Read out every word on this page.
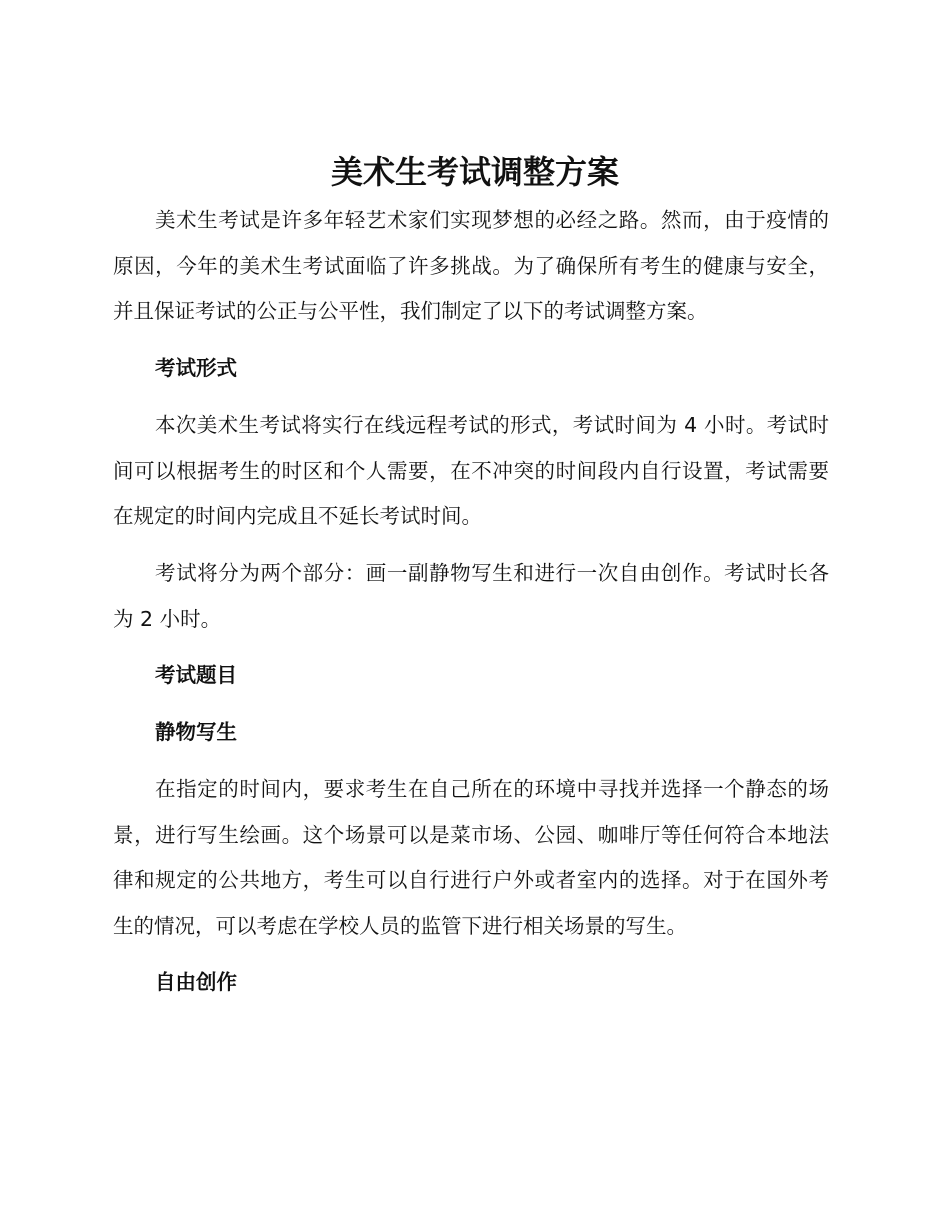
美术生考试调整方案

美术生考试是许多年轻艺术家们实现梦想的必经之路。然而，由于疫情的原因，今年的美术生考试面临了许多挑战。为了确保所有考生的健康与安全，并且保证考试的公正与公平性，我们制定了以下的考试调整方案。

考试形式

本次美术生考试将实行在线远程考试的形式，考试时间为 4 小时。考试时间可以根据考生的时区和个人需要，在不冲突的时间段内自行设置，考试需要在规定的时间内完成且不延长考试时间。

考试将分为两个部分：画一副静物写生和进行一次自由创作。考试时长各为 2 小时。

考试题目
静物写生

在指定的时间内，要求考生在自己所在的环境中寻找并选择一个静态的场景，进行写生绘画。这个场景可以是菜市场、公园、咖啡厅等任何符合本地法律和规定的公共地方，考生可以自行进行户外或者室内的选择。对于在国外考生的情况，可以考虑在学校人员的监管下进行相关场景的写生。

自由创作
